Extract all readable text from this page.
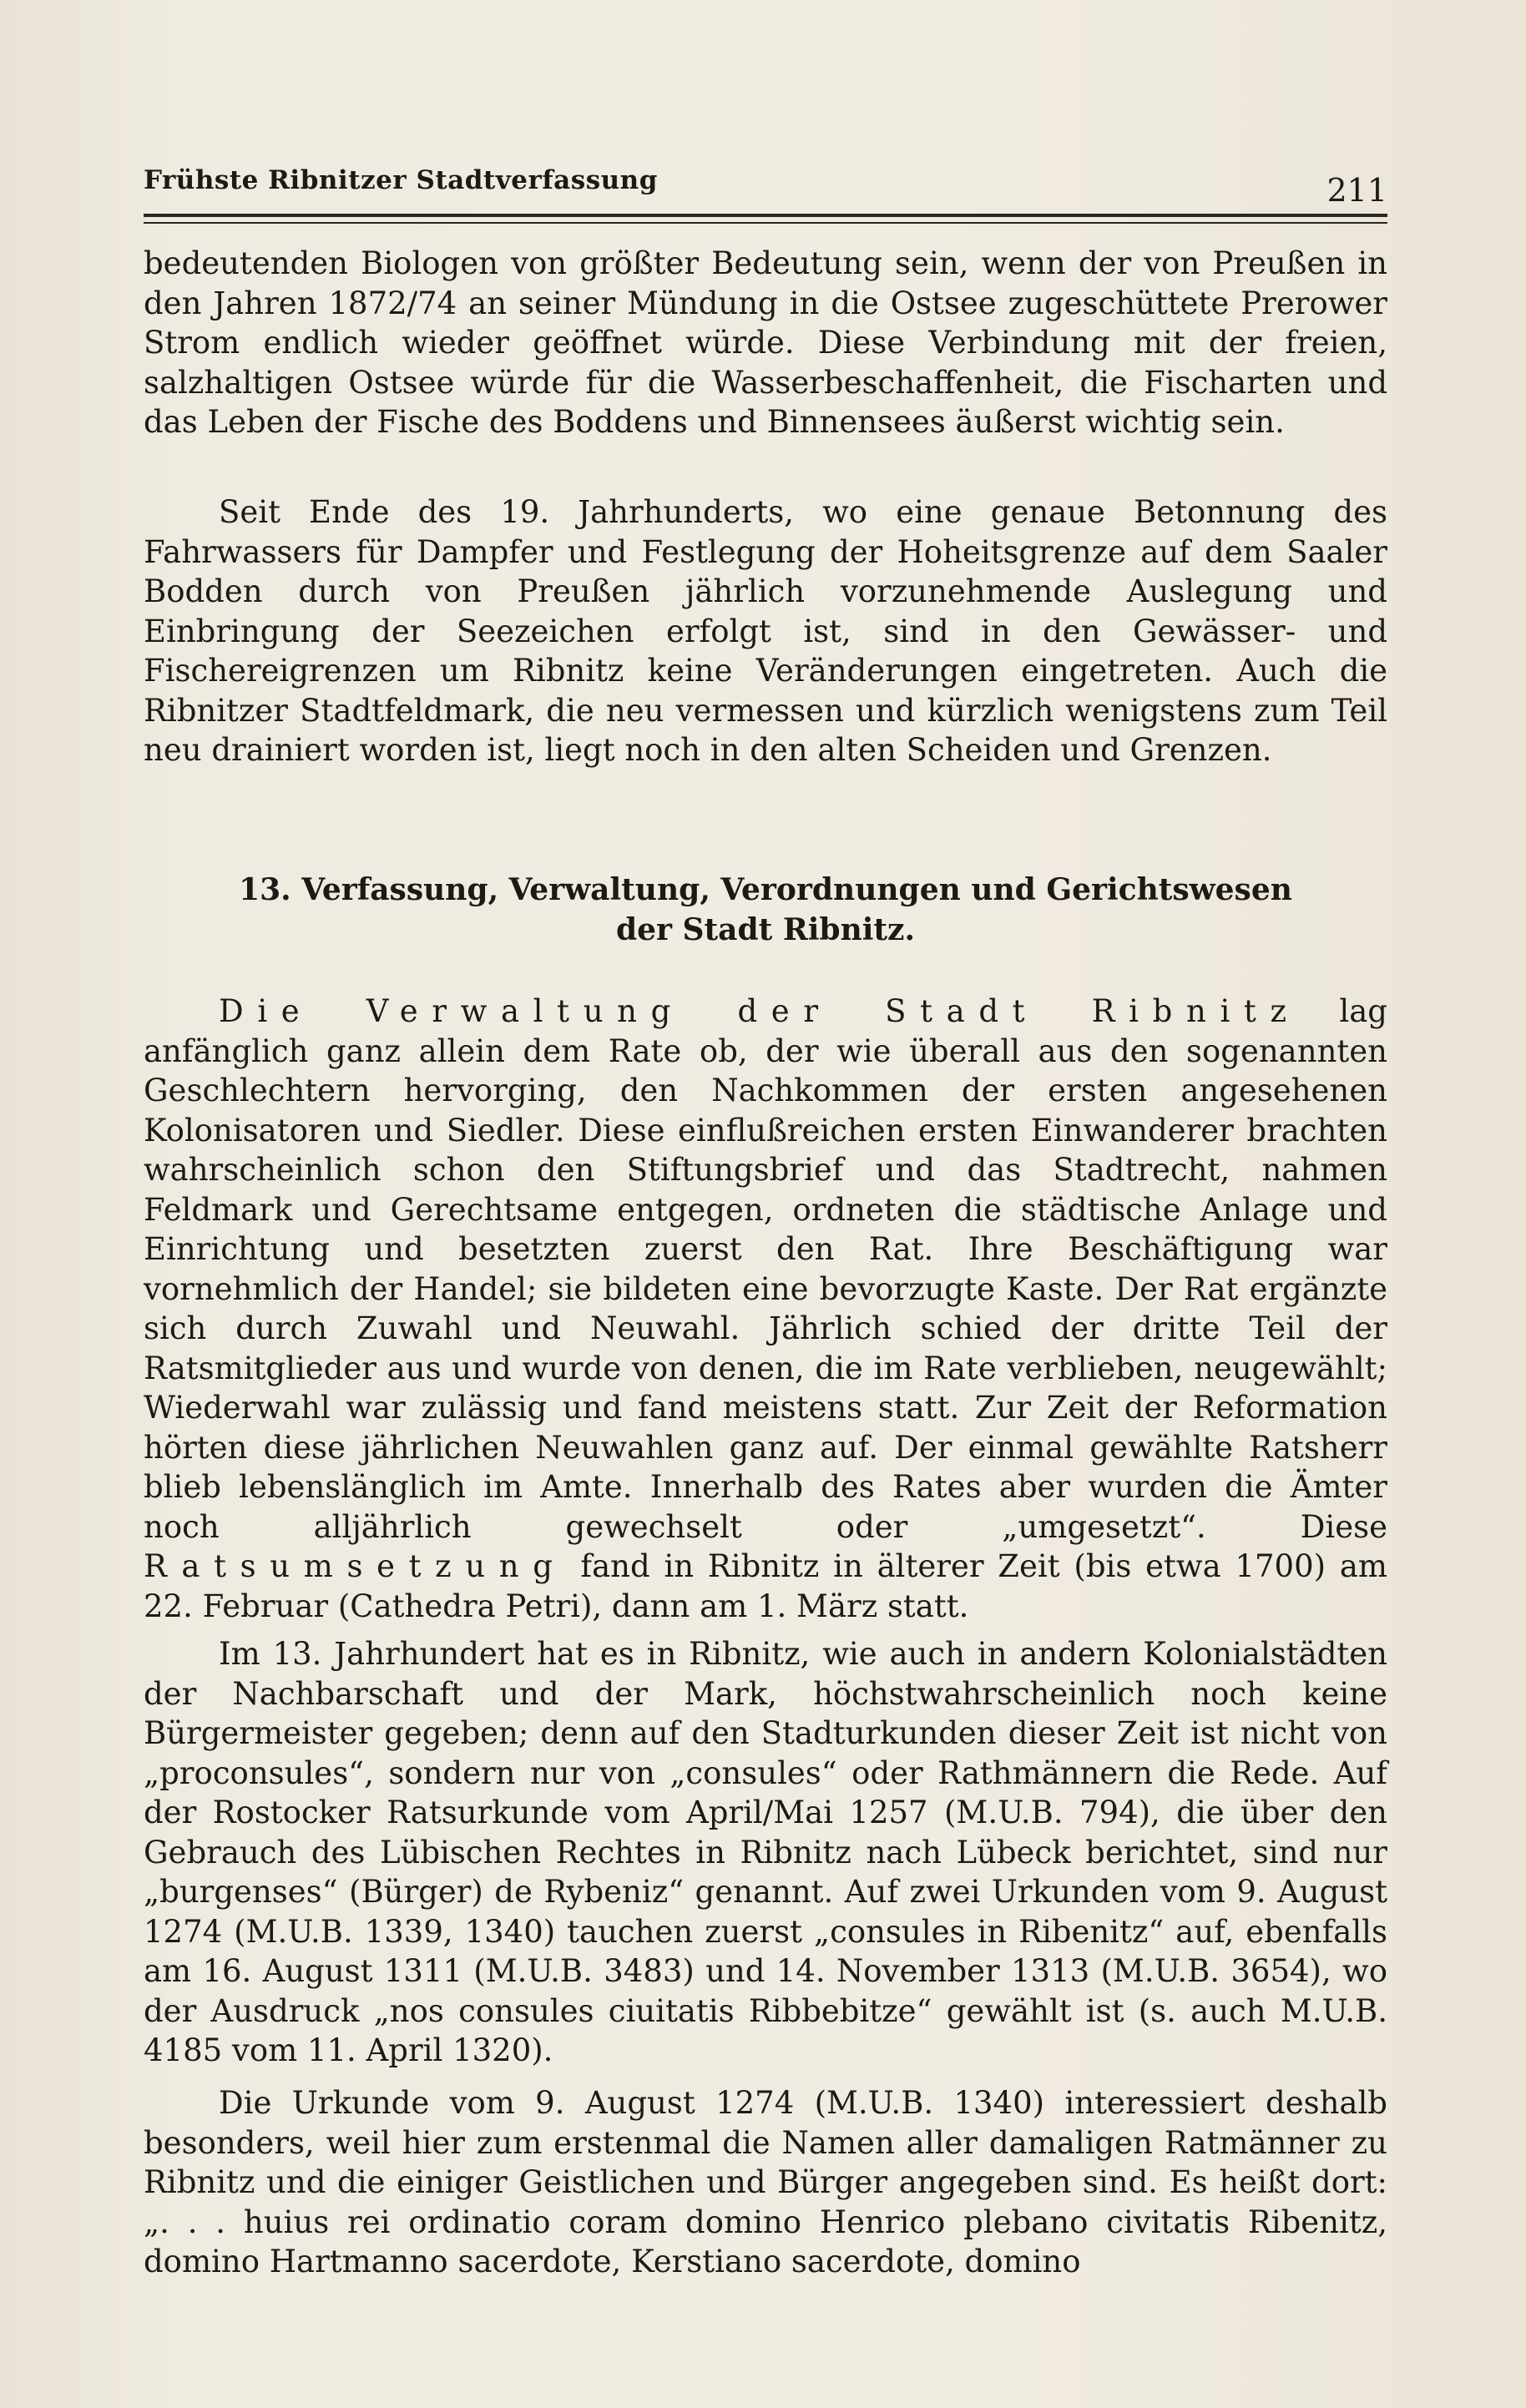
Frühste Ribnitzer Stadtverfassung	211

bedeutenden Biologen von größter Bedeutung sein, wenn der von Preußen in den Jahren 1872/74 an seiner Mündung in die Ostsee zugeschüttete Prerower Strom endlich wieder geöffnet würde. Diese Verbindung mit der freien, salzhaltigen Ostsee würde für die Wasserbeschaffenheit, die Fischarten und das Leben der Fische des Boddens und Binnensees äußerst wichtig sein.

Seit Ende des 19. Jahrhunderts, wo eine genaue Betonnung des Fahrwassers für Dampfer und Festlegung der Hoheitsgrenze auf dem Saaler Bodden durch von Preußen jährlich vorzunehmende Auslegung und Einbringung der Seezeichen erfolgt ist, sind in den Gewässer- und Fischereigrenzen um Ribnitz keine Veränderungen eingetreten. Auch die Ribnitzer Stadtfeldmark, die neu vermessen und kürzlich wenigstens zum Teil neu drainiert worden ist, liegt noch in den alten Scheiden und Grenzen.

13. Verfassung, Verwaltung, Verordnungen und Gerichtswesen
der Stadt Ribnitz.

Die Verwaltung der Stadt Ribnitz lag anfänglich ganz allein dem Rate ob, der wie überall aus den sogenannten Geschlechtern hervorging, den Nachkommen der ersten angesehenen Kolonisatoren und Siedler. Diese einflußreichen ersten Einwanderer brachten wahrscheinlich schon den Stiftungsbrief und das Stadtrecht, nahmen Feldmark und Gerechtsame entgegen, ordneten die städtische Anlage und Einrichtung und besetzten zuerst den Rat. Ihre Beschäftigung war vornehmlich der Handel; sie bildeten eine bevorzugte Kaste. Der Rat ergänzte sich durch Zuwahl und Neuwahl. Jährlich schied der dritte Teil der Ratsmitglieder aus und wurde von denen, die im Rate verblieben, neugewählt; Wiederwahl war zulässig und fand meistens statt. Zur Zeit der Reformation hörten diese jährlichen Neuwahlen ganz auf. Der einmal gewählte Ratsherr blieb lebenslänglich im Amte. Innerhalb des Rates aber wurden die Ämter noch alljährlich gewechselt oder „umgesetzt“. Diese Ratsumsetzung fand in Ribnitz in älterer Zeit (bis etwa 1700) am 22. Februar (Cathedra Petri), dann am 1. März statt.

Im 13. Jahrhundert hat es in Ribnitz, wie auch in andern Kolonialstädten der Nachbarschaft und der Mark, höchstwahrscheinlich noch keine Bürgermeister gegeben; denn auf den Stadturkunden dieser Zeit ist nicht von „proconsules“, sondern nur von „consules“ oder Rathmännern die Rede. Auf der Rostocker Ratsurkunde vom April/Mai 1257 (M.U.B. 794), die über den Gebrauch des Lübischen Rechtes in Ribnitz nach Lübeck berichtet, sind nur „burgenses“ (Bürger) de Rybeniz“ genannt. Auf zwei Urkunden vom 9. August 1274 (M.U.B. 1339, 1340) tauchen zuerst „consules in Ribenitz“ auf, ebenfalls am 16. August 1311 (M.U.B. 3483) und 14. November 1313 (M.U.B. 3654), wo der Ausdruck „nos consules ciuitatis Ribbebitze“ gewählt ist (s. auch M.U.B. 4185 vom 11. April 1320).

Die Urkunde vom 9. August 1274 (M.U.B. 1340) interessiert deshalb besonders, weil hier zum erstenmal die Namen aller damaligen Ratmänner zu Ribnitz und die einiger Geistlichen und Bürger angegeben sind. Es heißt dort: „. . . huius rei ordinatio coram domino Henrico plebano civitatis Ribenitz, domino Hartmanno sacerdote, Kerstiano sacerdote, domino
